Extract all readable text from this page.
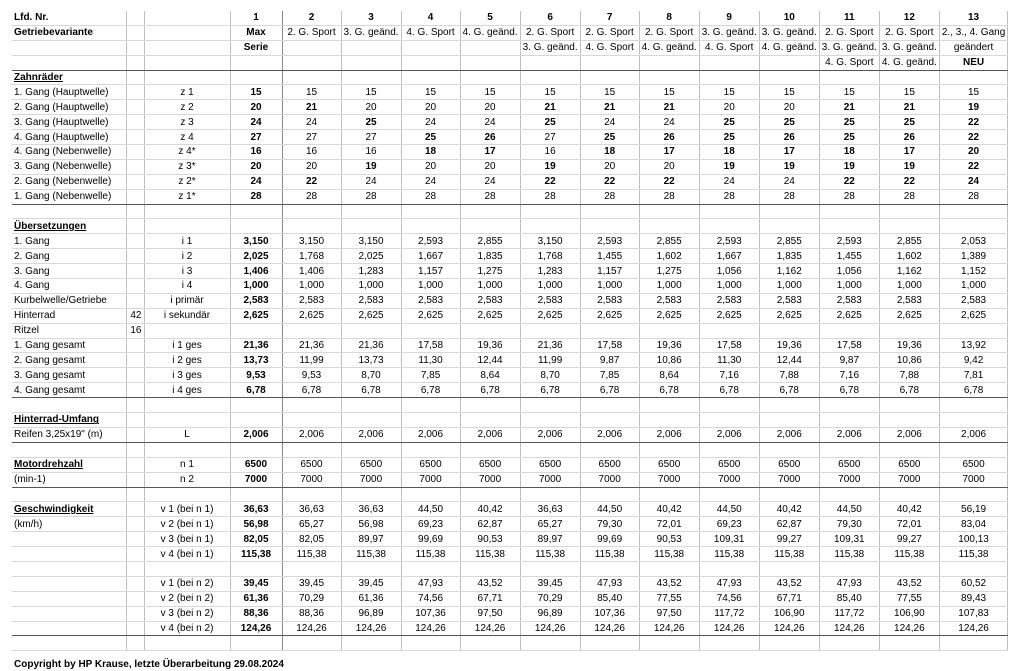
Lfd. Nr.			1	2	3	4	5	6	7	8	9	10	11	12	13
Getriebevariante			Max	2. G. Sport	3. G. geänd.	4. G. Sport	4. G. geänd.	2. G. Sport	2. G. Sport	2. G. Sport	3. G. geänd.	3. G. geänd.	2. G. Sport	2. G. Sport	2., 3., 4. Gang
			Serie					3. G. geänd.	4. G. Sport	4. G. geänd.	4. G. Sport	4. G. geänd.	3. G. geänd.	3. G. geänd.	geändert
													4. G. Sport	4. G. geänd.	NEU
Zahnräder															
1. Gang (Hauptwelle)		z 1	15	15	15	15	15	15	15	15	15	15	15	15	15
2. Gang (Hauptwelle)		z 2	20	21	20	20	20	21	21	21	20	20	21	21	19
3. Gang (Hauptwelle)		z 3	24	24	25	24	24	25	24	24	25	25	25	25	22
4. Gang (Hauptwelle)		z 4	27	27	27	25	26	27	25	26	25	26	25	26	22
4. Gang (Nebenwelle)		z 4*	16	16	16	18	17	16	18	17	18	17	18	17	20
3. Gang (Nebenwelle)		z 3*	20	20	19	20	20	19	20	20	19	19	19	19	22
2. Gang (Nebenwelle)		z 2*	24	22	24	24	24	22	22	22	24	24	22	22	24
1. Gang (Nebenwelle)		z 1*	28	28	28	28	28	28	28	28	28	28	28	28	28

Übersetzungen															
1. Gang		i 1	3,150	3,150	3,150	2,593	2,855	3,150	2,593	2,855	2,593	2,855	2,593	2,855	2,053
2. Gang		i 2	2,025	1,768	2,025	1,667	1,835	1,768	1,455	1,602	1,667	1,835	1,455	1,602	1,389
3. Gang		i 3	1,406	1,406	1,283	1,157	1,275	1,283	1,157	1,275	1,056	1,162	1,056	1,162	1,152
4. Gang		i 4	1,000	1,000	1,000	1,000	1,000	1,000	1,000	1,000	1,000	1,000	1,000	1,000	1,000
Kurbelwelle/Getriebe		i primär	2,583	2,583	2,583	2,583	2,583	2,583	2,583	2,583	2,583	2,583	2,583	2,583	2,583
Hinterrad	42	i sekundär	2,625	2,625	2,625	2,625	2,625	2,625	2,625	2,625	2,625	2,625	2,625	2,625	2,625
Ritzel	16														
1. Gang gesamt		i 1 ges	21,36	21,36	21,36	17,58	19,36	21,36	17,58	19,36	17,58	19,36	17,58	19,36	13,92
2. Gang gesamt		i 2 ges	13,73	11,99	13,73	11,30	12,44	11,99	9,87	10,86	11,30	12,44	9,87	10,86	9,42
3. Gang gesamt		i 3 ges	9,53	9,53	8,70	7,85	8,64	8,70	7,85	8,64	7,16	7,88	7,16	7,88	7,81
4. Gang gesamt		i 4 ges	6,78	6,78	6,78	6,78	6,78	6,78	6,78	6,78	6,78	6,78	6,78	6,78	6,78

Hinterrad-Umfang															
Reifen 3,25x19" (m)		L	2,006	2,006	2,006	2,006	2,006	2,006	2,006	2,006	2,006	2,006	2,006	2,006	2,006

Motordrehzahl		n 1	6500	6500	6500	6500	6500	6500	6500	6500	6500	6500	6500	6500	6500
(min-1)		n 2	7000	7000	7000	7000	7000	7000	7000	7000	7000	7000	7000	7000	7000

Geschwindigkeit		v 1 (bei n 1)	36,63	36,63	36,63	44,50	40,42	36,63	44,50	40,42	44,50	40,42	44,50	40,42	56,19
(km/h)		v 2 (bei n 1)	56,98	65,27	56,98	69,23	62,87	65,27	79,30	72,01	69,23	62,87	79,30	72,01	83,04
		v 3 (bei n 1)	82,05	82,05	89,97	99,69	90,53	89,97	99,69	90,53	109,31	99,27	109,31	99,27	100,13
		v 4 (bei n 1)	115,38	115,38	115,38	115,38	115,38	115,38	115,38	115,38	115,38	115,38	115,38	115,38	115,38

		v 1 (bei n 2)	39,45	39,45	39,45	47,93	43,52	39,45	47,93	43,52	47,93	43,52	47,93	43,52	60,52
		v 2 (bei n 2)	61,36	70,29	61,36	74,56	67,71	70,29	85,40	77,55	74,56	67,71	85,40	77,55	89,43
		v 3 (bei n 2)	88,36	88,36	96,89	107,36	97,50	96,89	107,36	97,50	117,72	106,90	117,72	106,90	107,83
		v 4 (bei n 2)	124,26	124,26	124,26	124,26	124,26	124,26	124,26	124,26	124,26	124,26	124,26	124,26	124,26

Copyright by HP Krause, letzte Überarbeitung 29.08.2024															
